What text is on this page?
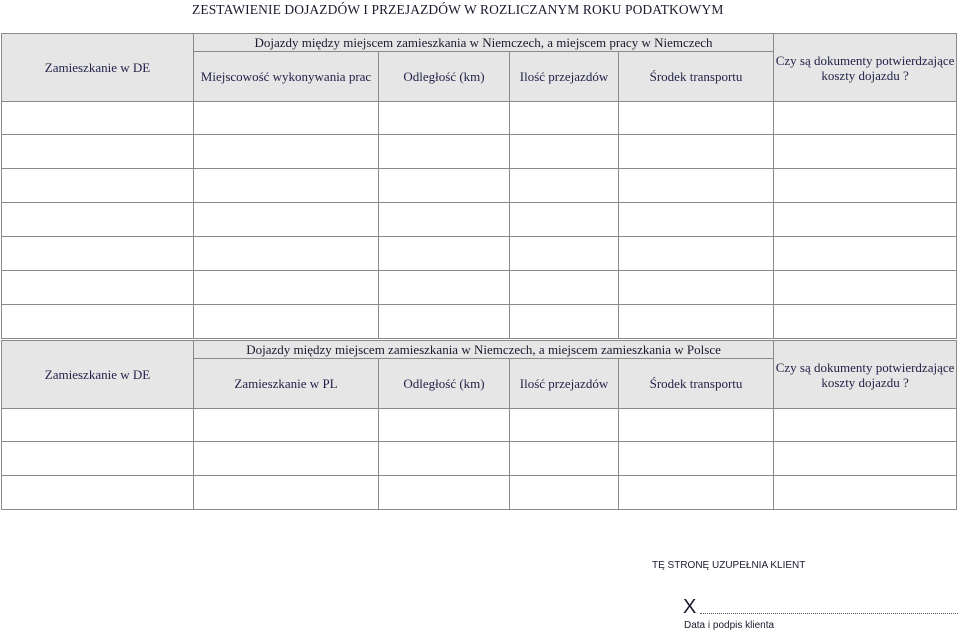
ZESTAWIENIE DOJAZDÓW I PRZEJAZDÓW W ROZLICZANYM ROKU PODATKOWYM
Zamieszkanie w DE	Dojazdy między miejscem zamieszkania w Niemczech, a miejscem pracy w Niemczech				Czy są dokumenty potwierdzające koszty dojazdu ?
	Miejscowość wykonywania prac	Odległość (km)	Ilość przejazdów	Środek transportu	

Zamieszkanie w DE	Dojazdy między miejscem zamieszkania w Niemczech, a miejscem zamieszkania w Polsce				Czy są dokumenty potwierdzające koszty dojazdu ?
	Zamieszkanie w PL	Odległość (km)	Ilość przejazdów	Środek transportu	

TĘ STRONĘ UZUPEŁNIA KLIENT
X
Data i podpis klienta
